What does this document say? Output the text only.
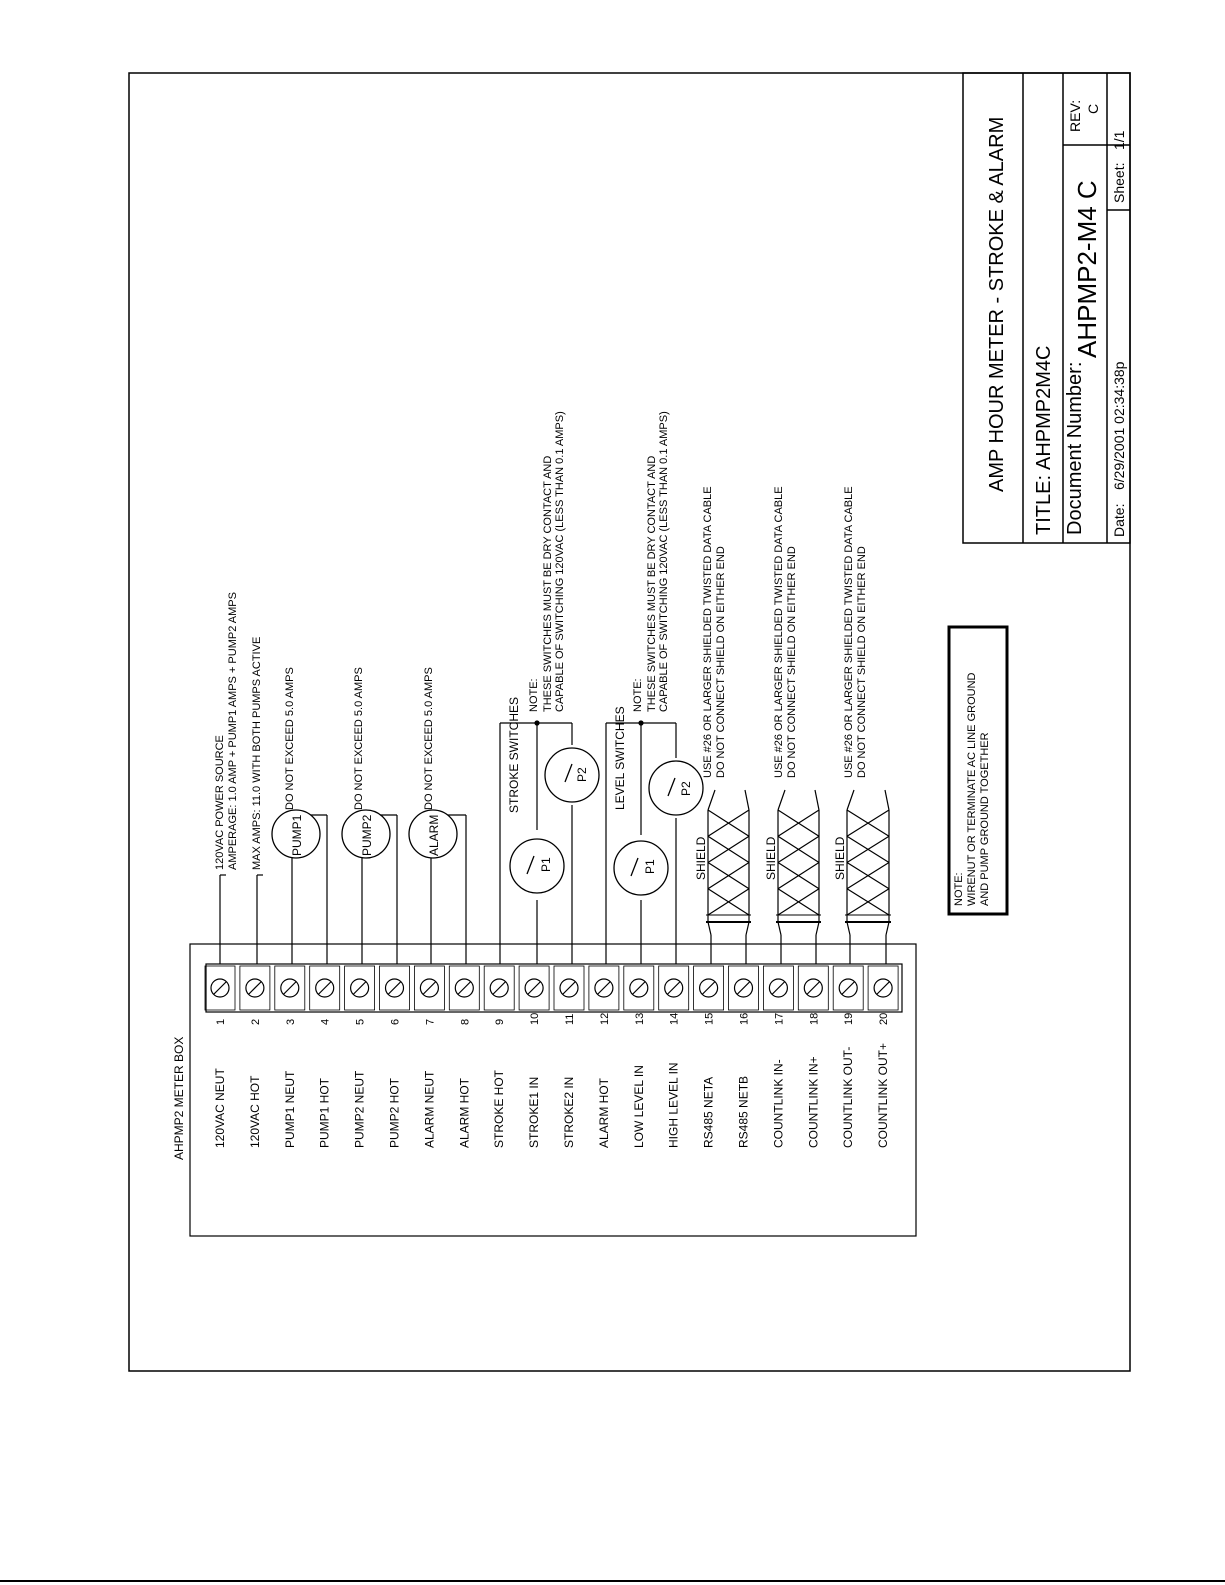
AMP HOUR METER - STROKE & ALARM
TITLE:
AHPMP2M4C Document Number:
AHPMP2-M4 C
REV: C
Date:
6/29/2001 02:34:38p
Sheet:
1/1
AHPMP2 METER BOX
1
120VAC NEUT
2
120VAC HOT
3
PUMP1 NEUT
4
PUMP1 HOT
5
PUMP2 NEUT
6
PUMP2 HOT
7
ALARM NEUT
8
ALARM HOT
9
STROKE HOT
10
STROKE1 IN
11
STROKE2 IN
12
ALARM HOT
13
LOW LEVEL IN
14
HIGH LEVEL IN
15
RS485 NETA
16
RS485 NETB
17
COUNTLINK IN-
18
COUNTLINK IN+
19
COUNTLINK OUT-
20
COUNTLINK OUT+
PUMP1	PUMP2	ALARM
P1
P2
P1
P2
STROKE SWITCHES	LEVEL SWITCHES
SHIELD	SHIELD	SHIELD
120VAC POWER SOURCE AMPERAGE: 1.0 AMP + PUMP1 AMPS + PUMP2 AMPS MAX AMPS: 11.0 WITH BOTH PUMPS ACTIVE DO NOT EXCEED 5.0 AMPS	DO NOT EXCEED 5.0 AMPS	DO NOT EXCEED 5.0 AMPS	NOTE: THESE SWITCHES MUST BE DRY CONTACT AND CAPABLE OF SWITCHING 120VAC (LESS THAN 0.1 AMPS)	NOTE: THESE SWITCHES MUST BE DRY CONTACT AND CAPABLE OF SWITCHING 120VAC (LESS THAN 0.1 AMPS)	USE #26 OR LARGER SHIELDED TWISTED DATA CABLE DO NOT CONNECT SHIELD ON EITHER END	USE #26 OR LARGER SHIELDED TWISTED DATA CABLE DO NOT CONNECT SHIELD ON EITHER END	USE #26 OR LARGER SHIELDED TWISTED DATA CABLE DO NOT CONNECT SHIELD ON EITHER END
NOTE: WIRENUT OR TERMINATE AC LINE GROUND AND PUMP GROUND TOGETHER
